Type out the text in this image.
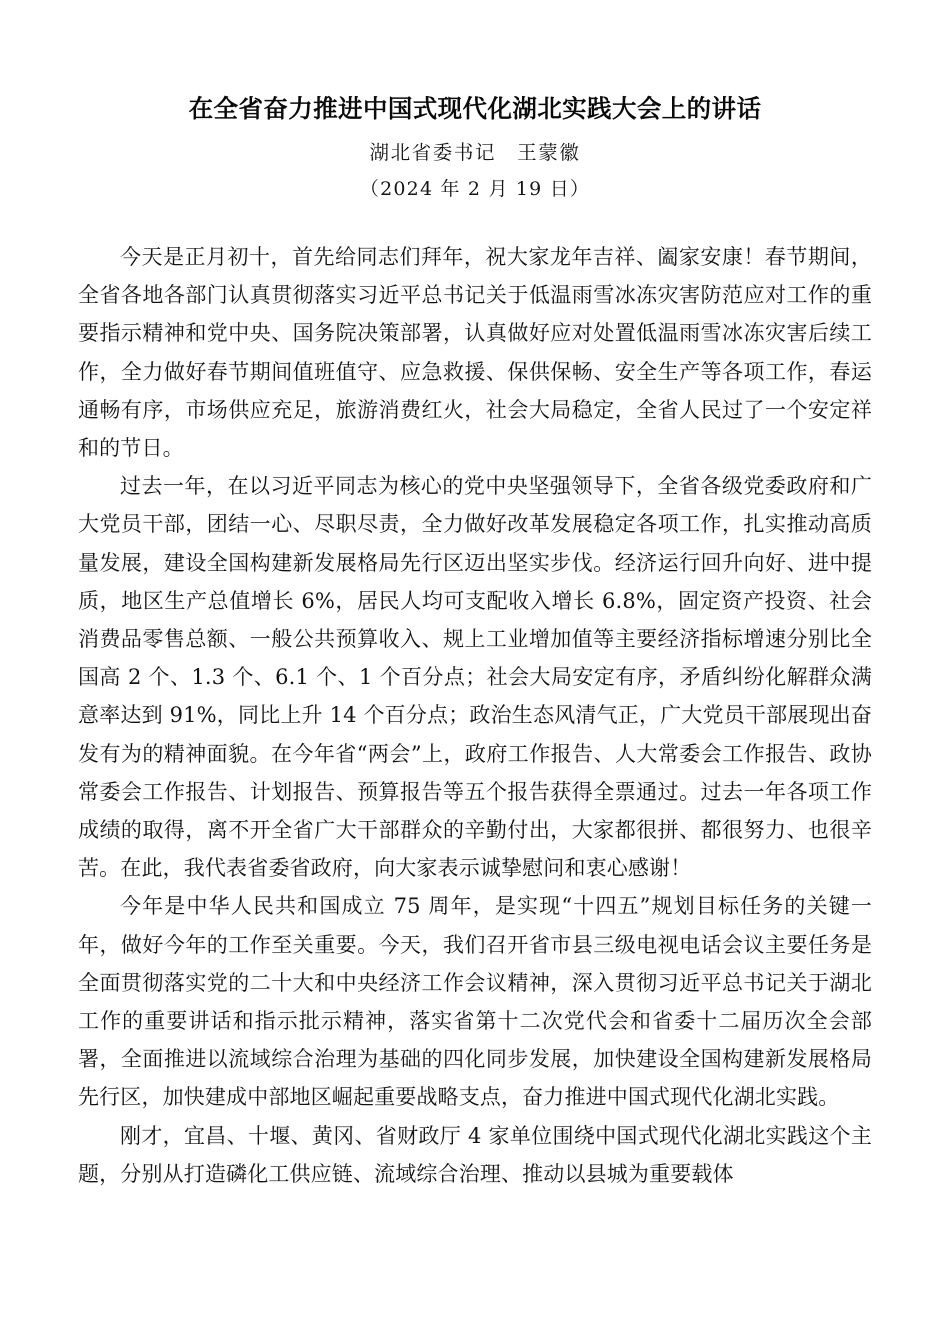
在全省奋力推进中国式现代化湖北实践大会上的讲话
湖北省委书记　王蒙徽
（2024 年 2 月 19 日）

今天是正月初十，首先给同志们拜年，祝大家龙年吉祥、阖家安康！春节期间，全省各地各部门认真贯彻落实习近平总书记关于低温雨雪冰冻灾害防范应对工作的重要指示精神和党中央、国务院决策部署，认真做好应对处置低温雨雪冰冻灾害后续工作，全力做好春节期间值班值守、应急救援、保供保畅、安全生产等各项工作，春运通畅有序，市场供应充足，旅游消费红火，社会大局稳定，全省人民过了一个安定祥和的节日。

过去一年，在以习近平同志为核心的党中央坚强领导下，全省各级党委政府和广大党员干部，团结一心、尽职尽责，全力做好改革发展稳定各项工作，扎实推动高质量发展，建设全国构建新发展格局先行区迈出坚实步伐。经济运行回升向好、进中提质，地区生产总值增长 6%，居民人均可支配收入增长 6.8%，固定资产投资、社会消费品零售总额、一般公共预算收入、规上工业增加值等主要经济指标增速分别比全国高 2 个、1.3 个、6.1 个、1 个百分点；社会大局安定有序，矛盾纠纷化解群众满意率达到 91%，同比上升 14 个百分点；政治生态风清气正，广大党员干部展现出奋发有为的精神面貌。在今年省“两会”上，政府工作报告、人大常委会工作报告、政协常委会工作报告、计划报告、预算报告等五个报告获得全票通过。过去一年各项工作成绩的取得，离不开全省广大干部群众的辛勤付出，大家都很拼、都很努力、也很辛苦。在此，我代表省委省政府，向大家表示诚挚慰问和衷心感谢！

今年是中华人民共和国成立 75 周年，是实现“十四五”规划目标任务的关键一年，做好今年的工作至关重要。今天，我们召开省市县三级电视电话会议主要任务是全面贯彻落实党的二十大和中央经济工作会议精神，深入贯彻习近平总书记关于湖北工作的重要讲话和指示批示精神，落实省第十二次党代会和省委十二届历次全会部署，全面推进以流域综合治理为基础的四化同步发展，加快建设全国构建新发展格局先行区，加快建成中部地区崛起重要战略支点，奋力推进中国式现代化湖北实践。

刚才，宜昌、十堰、黄冈、省财政厅 4 家单位围绕中国式现代化湖北实践这个主题，分别从打造磷化工供应链、流域综合治理、推动以县城为重要载体
